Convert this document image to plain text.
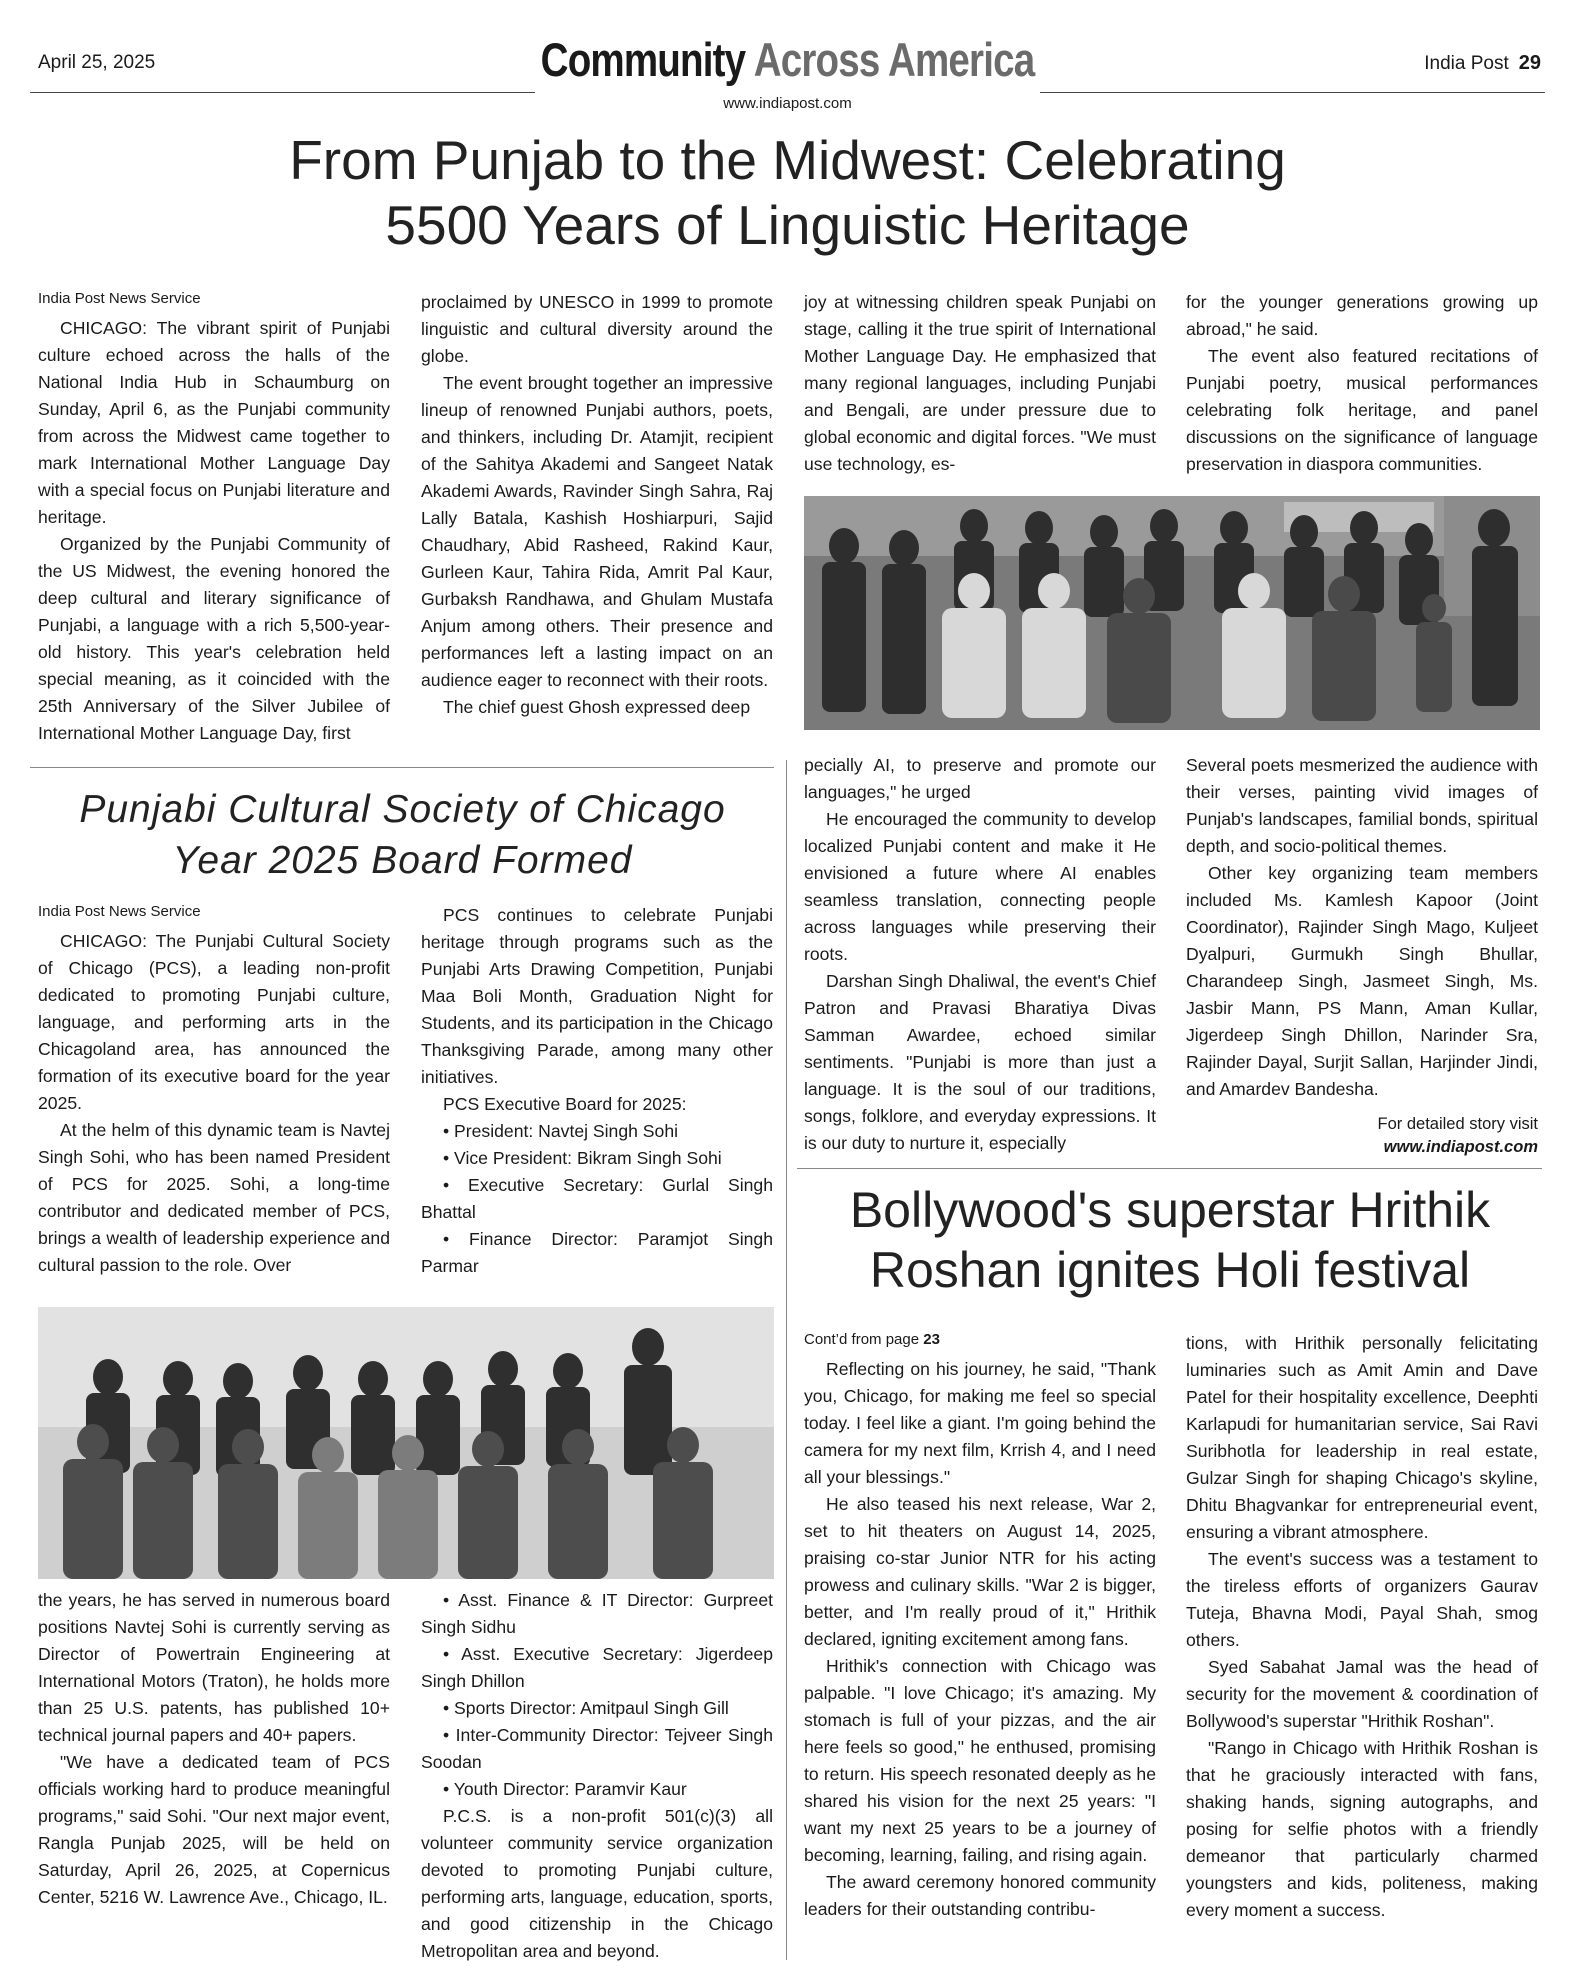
April 25, 2025	India Post 29
Community Across America
www.indiapost.com
From Punjab to the Midwest: Celebrating
5500 Years of Linguistic Heritage

India Post News Service

CHICAGO: The vibrant spirit of Punjabi culture echoed across the halls of the National India Hub in Schaumburg on Sunday, April 6, as the Punjabi community from across the Midwest came together to mark International Mother Language Day with a special focus on Punjabi literature and heritage.

Organized by the Punjabi Community of the US Midwest, the evening honored the deep cultural and literary significance of Punjabi, a language with a rich 5,500-year-old history. This year's celebration held special meaning, as it coincided with the 25th Anniversary of the Silver Jubilee of International Mother Language Day, first

proclaimed by UNESCO in 1999 to promote linguistic and cultural diversity around the globe.

The event brought together an impressive lineup of renowned Punjabi authors, poets, and thinkers, including Dr. Atamjit, recipient of the Sahitya Akademi and Sangeet Natak Akademi Awards, Ravinder Singh Sahra, Raj Lally Batala, Kashish Hoshiarpuri, Sajid Chaudhary, Abid Rasheed, Rakind Kaur, Gurleen Kaur, Tahira Rida, Amrit Pal Kaur, Gurbaksh Randhawa, and Ghulam Mustafa Anjum among others. Their presence and performances left a lasting impact on an audience eager to reconnect with their roots.

The chief guest Ghosh expressed deep

joy at witnessing children speak Punjabi on stage, calling it the true spirit of International Mother Language Day. He emphasized that many regional languages, including Punjabi and Bengali, are under pressure due to global economic and digital forces. "We must use technology, es-

for the younger generations growing up abroad," he said.

The event also featured recitations of Punjabi poetry, musical performances celebrating folk heritage, and panel discussions on the significance of language preservation in diaspora communities.

pecially AI, to preserve and promote our languages," he urged

He encouraged the community to develop localized Punjabi content and make it He envisioned a future where AI enables seamless translation, connecting people across languages while preserving their roots.

Darshan Singh Dhaliwal, the event's Chief Patron and Pravasi Bharatiya Divas Samman Awardee, echoed similar sentiments. "Punjabi is more than just a language. It is the soul of our traditions, songs, folklore, and everyday expressions. It is our duty to nurture it, especially

Several poets mesmerized the audience with their verses, painting vivid images of Punjab's landscapes, familial bonds, spiritual depth, and socio-political themes.

Other key organizing team members included Ms. Kamlesh Kapoor (Joint Coordinator), Rajinder Singh Mago, Kuljeet Dyalpuri, Gurmukh Singh Bhullar, Charandeep Singh, Jasmeet Singh, Ms. Jasbir Mann, PS Mann, Aman Kullar, Jigerdeep Singh Dhillon, Narinder Sra, Rajinder Dayal, Surjit Sallan, Harjinder Jindi, and Amardev Bandesha.

For detailed story visit
www.indiapost.com
Punjabi Cultural Society of Chicago
Year 2025 Board Formed

India Post News Service

CHICAGO: The Punjabi Cultural Society of Chicago (PCS), a leading non-profit dedicated to promoting Punjabi culture, language, and performing arts in the Chicagoland area, has announced the formation of its executive board for the year 2025.

At the helm of this dynamic team is Navtej Singh Sohi, who has been named President of PCS for 2025. Sohi, a long-time contributor and dedicated member of PCS, brings a wealth of leadership experience and cultural passion to the role. Over

PCS continues to celebrate Punjabi heritage through programs such as the Punjabi Arts Drawing Competition, Punjabi Maa Boli Month, Graduation Night for Students, and its participation in the Chicago Thanksgiving Parade, among many other initiatives.

PCS Executive Board for 2025:

• President: Navtej Singh Sohi

• Vice President: Bikram Singh Sohi

• Executive Secretary: Gurlal Singh Bhattal

• Finance Director: Paramjot Singh Parmar

the years, he has served in numerous board positions Navtej Sohi is currently serving as Director of Powertrain Engineering at International Motors (Traton), he holds more than 25 U.S. patents, has published 10+ technical journal papers and 40+ papers.

"We have a dedicated team of PCS officials working hard to produce meaningful programs," said Sohi. "Our next major event, Rangla Punjab 2025, will be held on Saturday, April 26, 2025, at Copernicus Center, 5216 W. Lawrence Ave., Chicago, IL.

• Asst. Finance & IT Director: Gurpreet Singh Sidhu

• Asst. Executive Secretary: Jigerdeep Singh Dhillon

• Sports Director: Amitpaul Singh Gill

• Inter-Community Director: Tejveer Singh Soodan

• Youth Director: Paramvir Kaur

P.C.S. is a non-profit 501(c)(3) all volunteer community service organization devoted to promoting Punjabi culture, performing arts, language, education, sports, and good citizenship in the Chicago Metropolitan area and beyond.

Bollywood's superstar Hrithik
Roshan ignites Holi festival

Cont’d from page 23

Reflecting on his journey, he said, "Thank you, Chicago, for making me feel so special today. I feel like a giant. I'm going behind the camera for my next film, Krrish 4, and I need all your blessings."

He also teased his next release, War 2, set to hit theaters on August 14, 2025, praising co-star Junior NTR for his acting prowess and culinary skills. "War 2 is bigger, better, and I'm really proud of it," Hrithik declared, igniting excitement among fans.

Hrithik's connection with Chicago was palpable. "I love Chicago; it's amazing. My stomach is full of your pizzas, and the air here feels so good," he enthused, promising to return. His speech resonated deeply as he shared his vision for the next 25 years: "I want my next 25 years to be a journey of becoming, learning, failing, and rising again.

The award ceremony honored community leaders for their outstanding contribu-

tions, with Hrithik personally felicitating luminaries such as Amit Amin and Dave Patel for their hospitality excellence, Deephti Karlapudi for humanitarian service, Sai Ravi Suribhotla for leadership in real estate, Gulzar Singh for shaping Chicago's skyline, Dhitu Bhagvankar for entrepreneurial event, ensuring a vibrant atmosphere.

The event's success was a testament to the tireless efforts of organizers Gaurav Tuteja, Bhavna Modi, Payal Shah, smog others.

Syed Sabahat Jamal was the head of security for the movement & coordination of Bollywood's superstar "Hrithik Roshan".

"Rango in Chicago with Hrithik Roshan is that he graciously interacted with fans, shaking hands, signing autographs, and posing for selfie photos with a friendly demeanor that particularly charmed youngsters and kids, politeness, making every moment a success.
